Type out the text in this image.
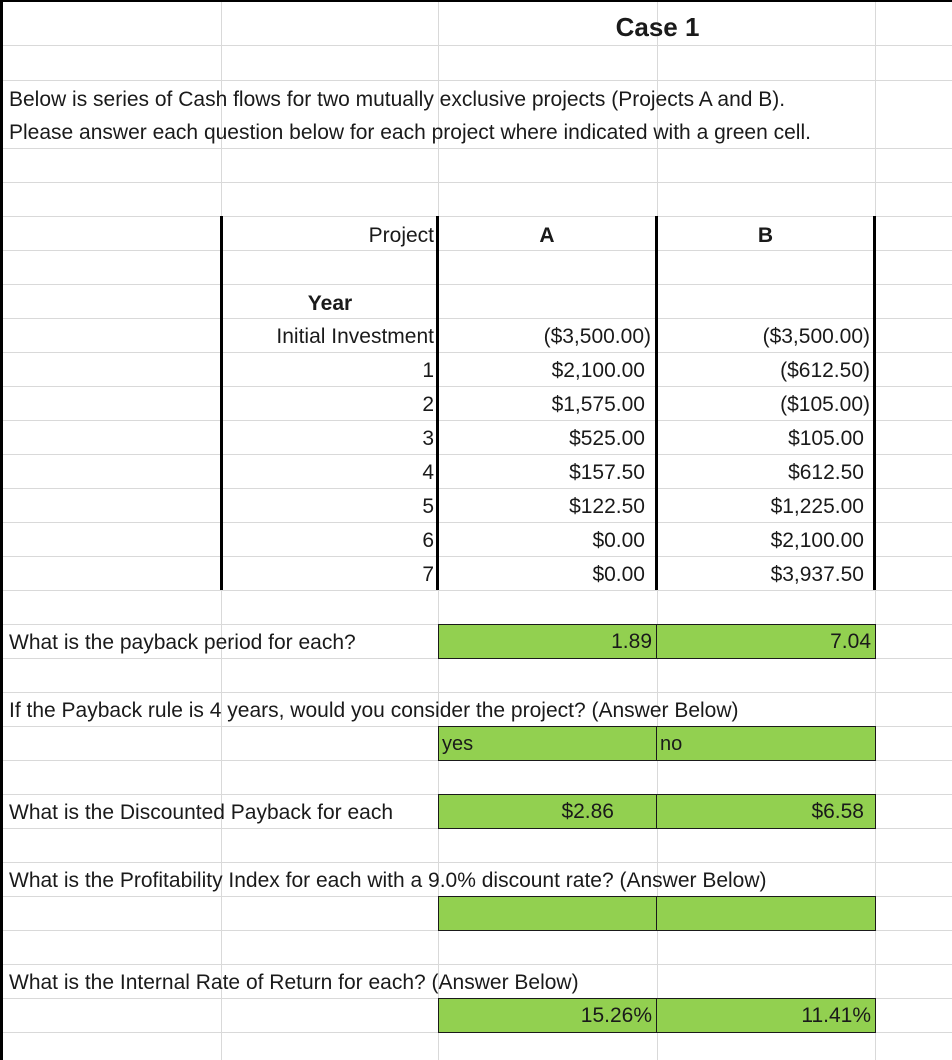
Case 1
Below is series of Cash flows for two mutually exclusive projects (Projects A and B).
Please answer each question below for each project where indicated with a green cell.
Project	A	B
Year
Initial Investment	($3,500.00)	($3,500.00)
1	$2,100.00	($612.50)
2	$1,575.00	($105.00)
3	$525.00	$105.00
4	$157.50	$612.50
5	$122.50	$1,225.00
6	$0.00	$2,100.00
7	$0.00	$3,937.50
What is the payback period for each?	1.89	7.04
If the Payback rule is 4 years, would you consider the project? (Answer Below)
yes	no
What is the Discounted Payback for each	$2.86	$6.58
What is the Profitability Index for each with a 9.0% discount rate? (Answer Below)
What is the Internal Rate of Return for each? (Answer Below)
15.26%	11.41%
